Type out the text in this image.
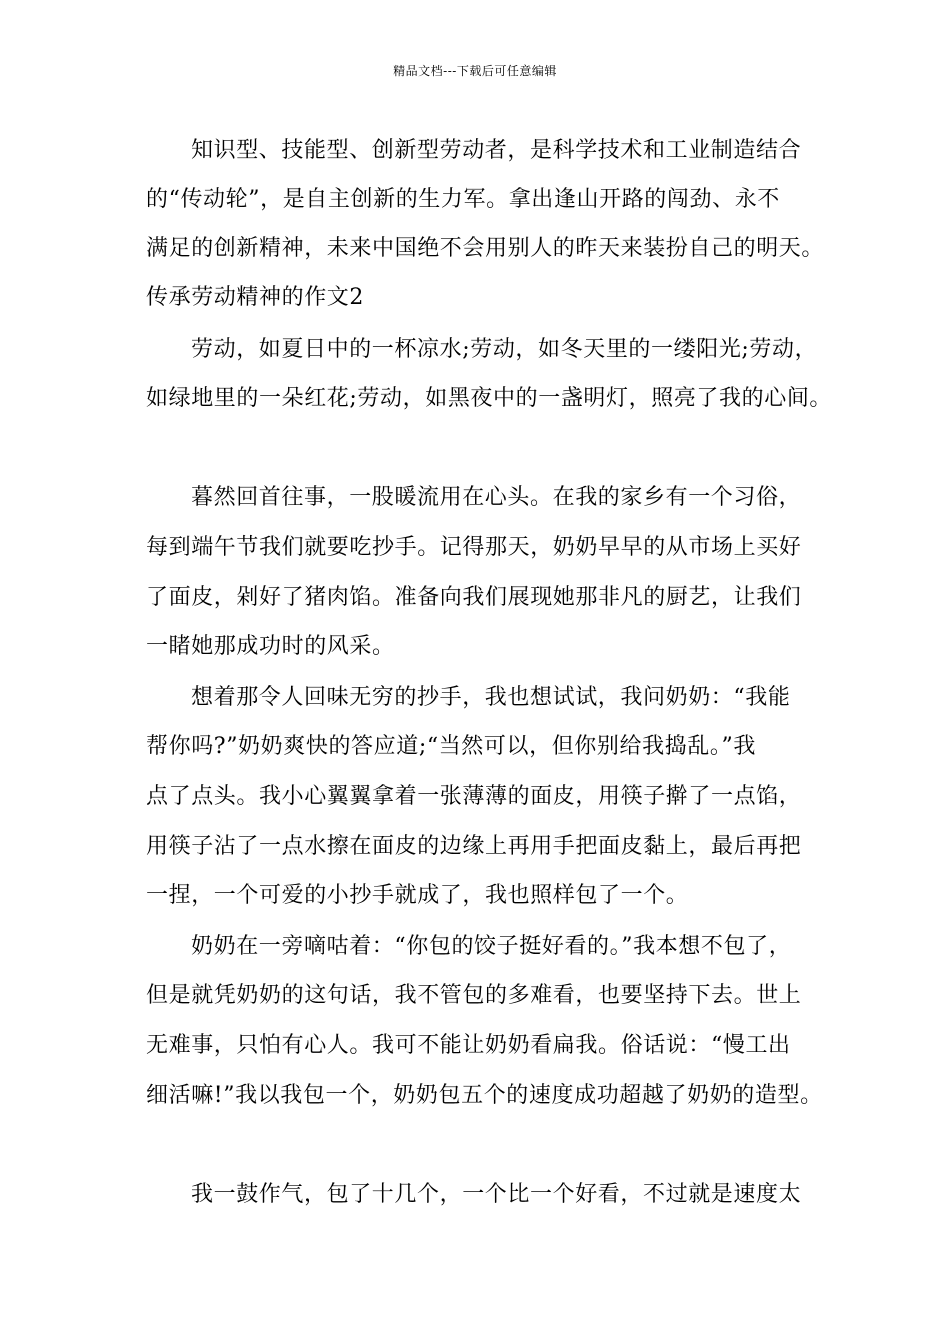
精品文档---下载后可任意编辑
知识型、技能型、创新型劳动者，是科学技术和工业制造结合
的“传动轮”，是自主创新的生力军。拿出逢山开路的闯劲、永不
满足的创新精神，未来中国绝不会用别人的昨天来装扮自己的明天。
传承劳动精神的作文2
劳动，如夏日中的一杯凉水;劳动，如冬天里的一缕阳光;劳动，
如绿地里的一朵红花;劳动，如黑夜中的一盏明灯，照亮了我的心间。
暮然回首往事，一股暖流用在心头。在我的家乡有一个习俗，
每到端午节我们就要吃抄手。记得那天，奶奶早早的从市场上买好
了面皮，剁好了猪肉馅。准备向我们展现她那非凡的厨艺，让我们
一睹她那成功时的风采。
想着那令人回味无穷的抄手，我也想试试，我问奶奶：“我能
帮你吗?”奶奶爽快的答应道;“当然可以，但你别给我捣乱。”我
点了点头。我小心翼翼拿着一张薄薄的面皮，用筷子擀了一点馅，
用筷子沾了一点水擦在面皮的边缘上再用手把面皮黏上，最后再把
一捏，一个可爱的小抄手就成了，我也照样包了一个。
奶奶在一旁嘀咕着：“你包的饺子挺好看的。”我本想不包了，
但是就凭奶奶的这句话，我不管包的多难看，也要坚持下去。世上
无难事，只怕有心人。我可不能让奶奶看扁我。俗话说：“慢工出
细活嘛!”我以我包一个，奶奶包五个的速度成功超越了奶奶的造型。
我一鼓作气，包了十几个，一个比一个好看，不过就是速度太
